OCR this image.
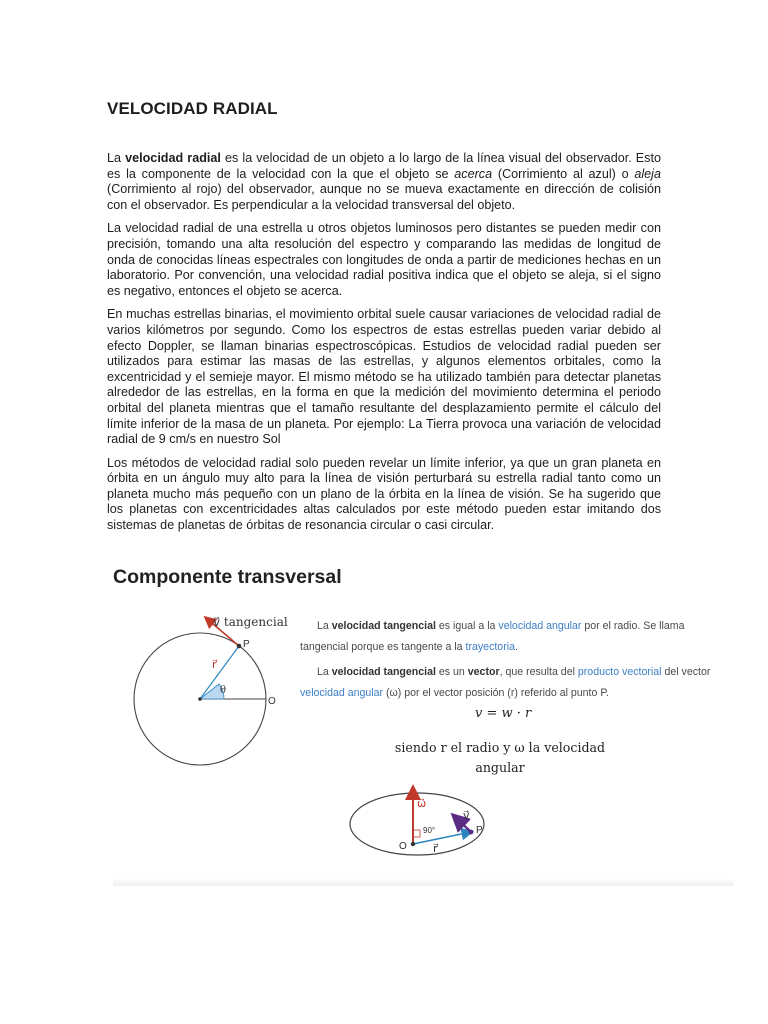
VELOCIDAD RADIAL

La velocidad radial es la velocidad de un objeto a lo largo de la línea visual del observador. Esto es la componente de la velocidad con la que el objeto se acerca (Corrimiento al azul) o aleja (Corrimiento al rojo) del observador, aunque no se mueva exactamente en dirección de colisión con el observador. Es perpendicular a la velocidad transversal del objeto.

La velocidad radial de una estrella u otros objetos luminosos pero distantes se pueden medir con precisión, tomando una alta resolución del espectro y comparando las medidas de longitud de onda de conocidas líneas espectrales con longitudes de onda a partir de mediciones hechas en un laboratorio. Por convención, una velocidad radial positiva indica que el objeto se aleja, si el signo es negativo, entonces el objeto se acerca.

En muchas estrellas binarias, el movimiento orbital suele causar variaciones de velocidad radial de varios kilómetros por segundo. Como los espectros de estas estrellas pueden variar debido al efecto Doppler, se llaman binarias espectroscópicas. Estudios de velocidad radial pueden ser utilizados para estimar las masas de las estrellas, y algunos elementos orbitales, como la excentricidad y el semieje mayor. El mismo método se ha utilizado también para detectar planetas alrededor de las estrellas, en la forma en que la medición del movimiento determina el periodo orbital del planeta mientras que el tamaño resultante del desplazamiento permite el cálculo del límite inferior de la masa de un planeta. Por ejemplo: La Tierra provoca una variación de velocidad radial de 9 cm/s en nuestro Sol

Los métodos de velocidad radial solo pueden revelar un límite inferior, ya que un gran planeta en órbita en un ángulo muy alto para la línea de visión perturbará su estrella radial tanto como un planeta mucho más pequeño con un plano de la órbita en la línea de visión. Se ha sugerido que los planetas con excentricidades altas calculados por este método pueden estar imitando dos sistemas de planetas de órbitas de resonancia circular o casi circular.

Componente transversal
v⃗ tangencial
P
r⃗
θ
O
ω⃗
v⃗
90°	P
O r⃗

La velocidad tangencial es igual a la velocidad angular por el radio. Se llama tangencial porque es tangente a la trayectoria.

La velocidad tangencial es un vector, que resulta del producto vectorial del vector velocidad angular (ω) por el vector posición (r) referido al punto P.

v = w · r
siendo r el radio y ω la velocidad
angular
